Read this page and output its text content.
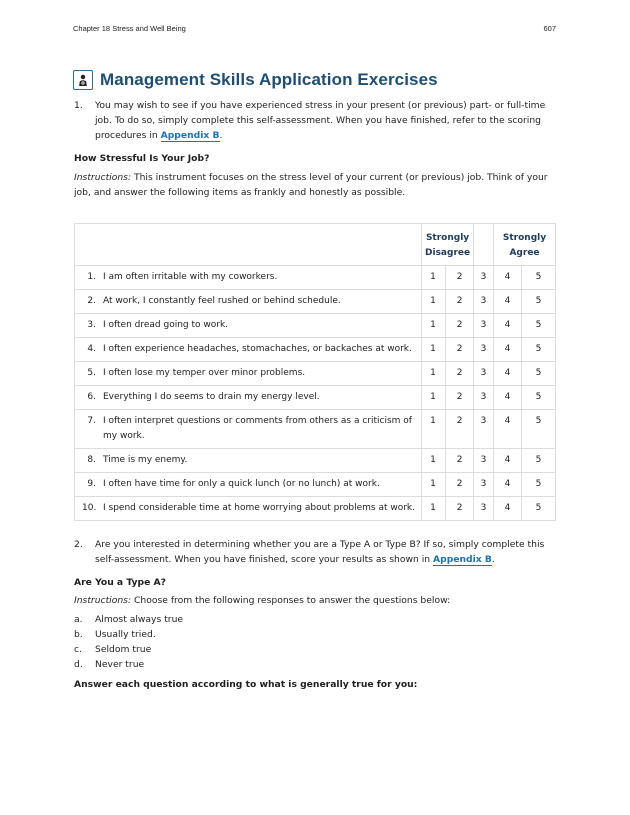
Chapter 18 Stress and Well Being	607
Management Skills Application Exercises
1.	You may wish to see if you have experienced stress in your present (or previous) part- or full-time job. To do so, simply complete this self-assessment. When you have finished, refer to the scoring procedures in Appendix B.
How Stressful Is Your Job?

Instructions: This instrument focuses on the stress level of your current (or previous) job. Think of your job, and answer the following items as frankly and honestly as possible.

	Strongly Disagree			Strongly Agree	

1. I am often irritable with my coworkers.	1	2	3	4	5

2. At work, I constantly feel rushed or behind schedule.	1	2	3	4	5

3. I often dread going to work.	1	2	3	4	5

4. I often experience headaches, stomachaches, or backaches at work.	1	2	3	4	5

5. I often lose my temper over minor problems.	1	2	3	4	5

6. Everything I do seems to drain my energy level.	1	2	3	4	5

7. I often interpret questions or comments from others as a criticism of my work.	1	2	3	4	5

8. Time is my enemy.	1	2	3	4	5

9. I often have time for only a quick lunch (or no lunch) at work.	1	2	3	4	5

10. I spend considerable time at home worrying about problems at work.	1	2	3	4	5
2.	Are you interested in determining whether you are a Type A or Type B? If so, simply complete this self-assessment. When you have finished, score your results as shown in Appendix B.
Are You a Type A?

Instructions: Choose from the following responses to answer the questions below:

a.	Almost always true
b.	Usually tried.
c.	Seldom true
d.	Never true
Answer each question according to what is generally true for you:
